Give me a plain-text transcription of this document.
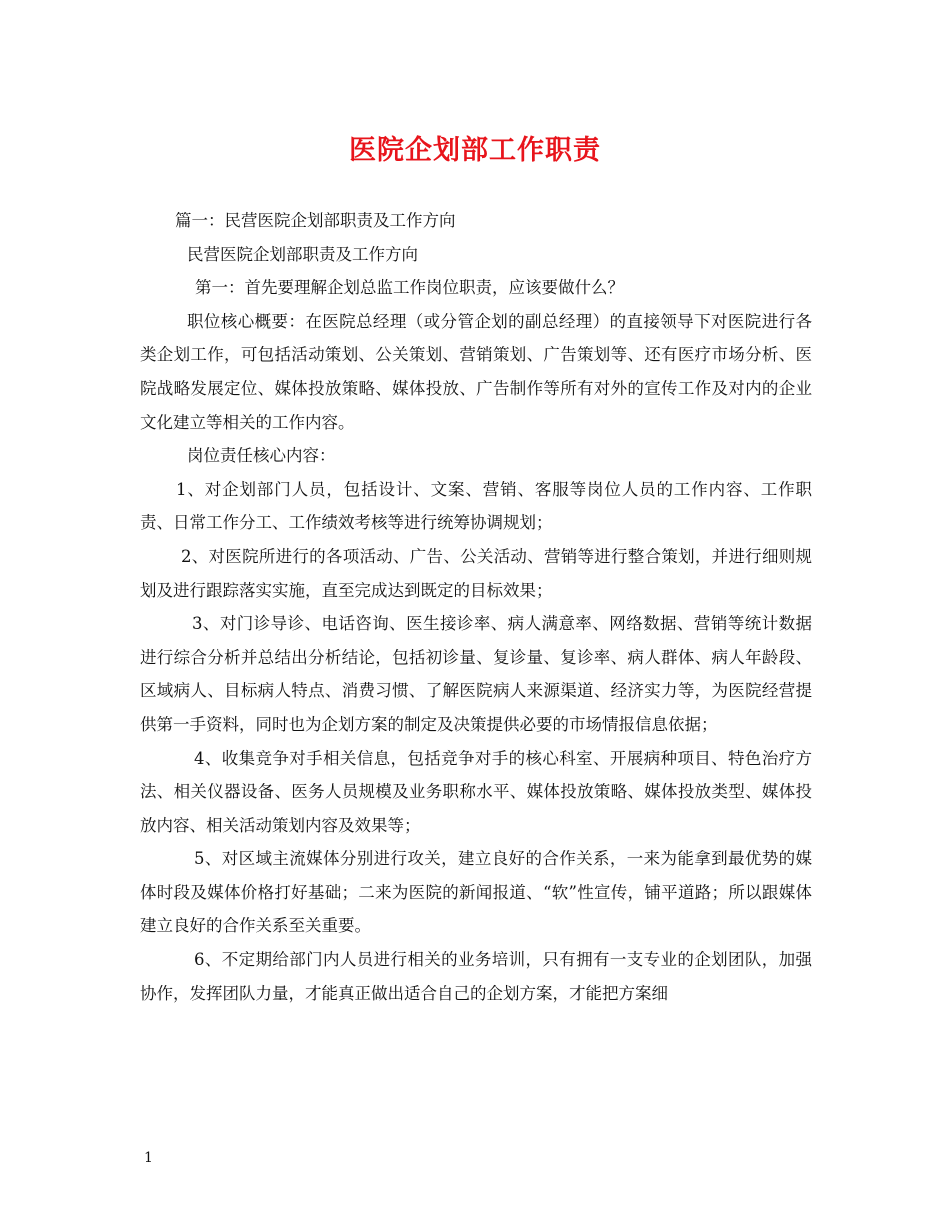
医院企划部工作职责

篇一：民营医院企划部职责及工作方向

民营医院企划部职责及工作方向

第一：首先要理解企划总监工作岗位职责，应该要做什么？

职位核心概要：在医院总经理（或分管企划的副总经理）的直接领导下对医院进行各类企划工作，可包括活动策划、公关策划、营销策划、广告策划等、还有医疗市场分析、医院战略发展定位、媒体投放策略、媒体投放、广告制作等所有对外的宣传工作及对内的企业文化建立等相关的工作内容。

岗位责任核心内容：

1、对企划部门人员，包括设计、文案、营销、客服等岗位人员的工作内容、工作职责、日常工作分工、工作绩效考核等进行统筹协调规划；

2、对医院所进行的各项活动、广告、公关活动、营销等进行整合策划，并进行细则规划及进行跟踪落实实施，直至完成达到既定的目标效果；

3、对门诊导诊、电话咨询、医生接诊率、病人满意率、网络数据、营销等统计数据进行综合分析并总结出分析结论，包括初诊量、复诊量、复诊率、病人群体、病人年龄段、区域病人、目标病人特点、消费习惯、了解医院病人来源渠道、经济实力等，为医院经营提供第一手资料，同时也为企划方案的制定及决策提供必要的市场情报信息依据；

4、收集竞争对手相关信息，包括竞争对手的核心科室、开展病种项目、特色治疗方法、相关仪器设备、医务人员规模及业务职称水平、媒体投放策略、媒体投放类型、媒体投放内容、相关活动策划内容及效果等；

5、对区域主流媒体分别进行攻关，建立良好的合作关系，一来为能拿到最优势的媒体时段及媒体价格打好基础；二来为医院的新闻报道、“软”性宣传，铺平道路；所以跟媒体建立良好的合作关系至关重要。

6、不定期给部门内人员进行相关的业务培训，只有拥有一支专业的企划团队，加强协作，发挥团队力量，才能真正做出适合自己的企划方案，才能把方案细

1
